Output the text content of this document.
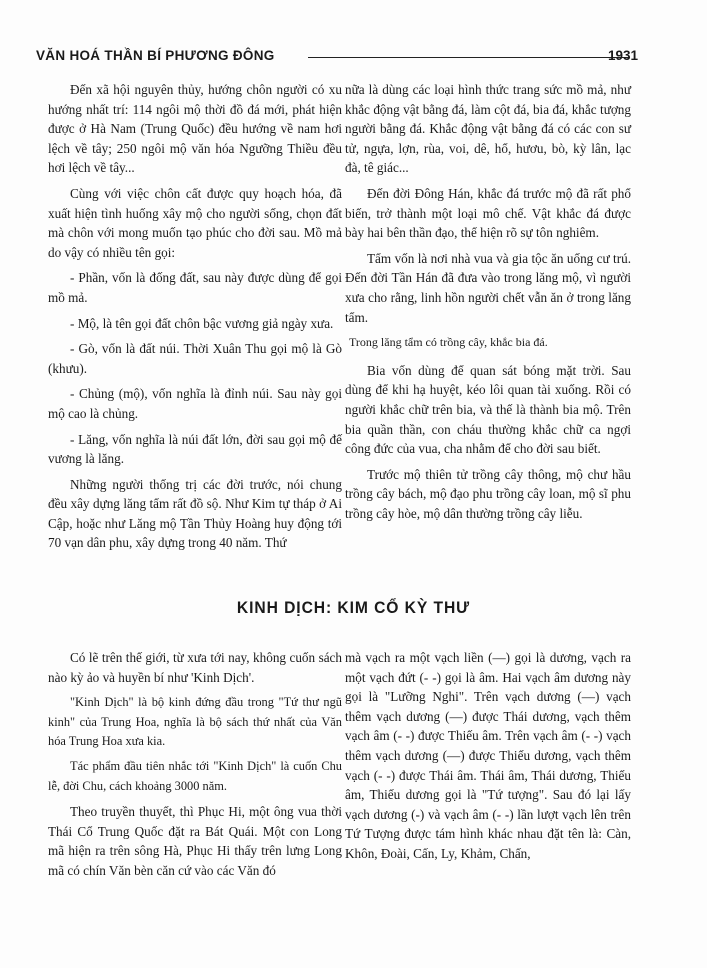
VĂN HOÁ THẦN BÍ PHƯƠNG ĐÔNG	1931

Đến xã hội nguyên thủy, hướng chôn người có xu hướng nhất trí: 114 ngôi mộ thời đồ đá mới, phát hiện được ở Hà Nam (Trung Quốc) đều hướng về nam hơi lệch về tây; 250 ngôi mộ văn hóa Ngưỡng Thiều đều hơi lệch về tây...

Cùng với việc chôn cất được quy hoạch hóa, đã xuất hiện tình huống xây mộ cho người sống, chọn đất mà chôn với mong muốn tạo phúc cho đời sau. Mồ mả do vậy có nhiều tên gọi:

- Phần, vốn là đống đất, sau này được dùng để gọi mồ mả.

- Mộ, là tên gọi đất chôn bậc vương giả ngày xưa.

- Gò, vốn là đất núi. Thời Xuân Thu gọi mộ là Gò (khưu).

- Chủng (mộ), vốn nghĩa là đỉnh núi. Sau này gọi mộ cao là chủng.

- Lăng, vốn nghĩa là núi đất lớn, đời sau gọi mộ đế vương là lăng.

Những người thống trị các đời trước, nói chung đều xây dựng lăng tẩm rất đồ sộ. Như Kim tự tháp ở Ai Cập, hoặc như Lăng mộ Tần Thủy Hoàng huy động tới 70 vạn dân phu, xây dựng trong 40 năm. Thứ

nữa là dùng các loại hình thức trang sức mồ mả, như khắc động vật bằng đá, làm cột đá, bia đá, khắc tượng người bằng đá. Khắc động vật bằng đá có các con sư tử, ngựa, lợn, rùa, voi, dê, hổ, hươu, bò, kỳ lân, lạc đà, tê giác...

Đến đời Đông Hán, khắc đá trước mộ đã rất phổ biến, trở thành một loại mô chế. Vật khắc đá được bày hai bên thần đạo, thể hiện rõ sự tôn nghiêm.

Tẩm vốn là nơi nhà vua và gia tộc ăn uống cư trú. Đến đời Tần Hán đã đưa vào trong lăng mộ, vì người xưa cho rằng, linh hồn người chết vẫn ăn ở trong lăng tẩm.

Trong lăng tẩm có trồng cây, khắc bia đá.

Bia vốn dùng để quan sát bóng mặt trời. Sau dùng để khi hạ huyệt, kéo lôi quan tài xuống. Rồi có người khắc chữ trên bia, và thế là thành bia mộ. Trên bia quần thần, con cháu thường khắc chữ ca ngợi công đức của vua, cha nhằm để cho đời sau biết.

Trước mộ thiên tử trồng cây thông, mộ chư hầu trồng cây bách, mộ đạo phu trồng cây loan, mộ sĩ phu trồng cây hòe, mộ dân thường trồng cây liễu.

KINH DỊCH: KIM CỔ KỲ THƯ

Có lẽ trên thế giới, từ xưa tới nay, không cuốn sách nào kỳ ảo và huyền bí như 'Kinh Dịch'.

"Kinh Dịch" là bộ kinh đứng đầu trong "Tứ thư ngũ kinh" của Trung Hoa, nghĩa là bộ sách thứ nhất của Văn hóa Trung Hoa xưa kia.

Tác phẩm đầu tiên nhắc tới "Kinh Dịch" là cuốn Chu lễ, đời Chu, cách khoảng 3000 năm.

Theo truyền thuyết, thì Phục Hi, một ông vua thời Thái Cổ Trung Quốc đặt ra Bát Quái. Một con Long mã hiện ra trên sông Hà, Phục Hi thấy trên lưng Long mã có chín Văn bèn căn cứ vào các Văn đó

mà vạch ra một vạch liền (—) gọi là dương, vạch ra một vạch đứt (- -) gọi là âm. Hai vạch âm dương này gọi là "Lưỡng Nghi". Trên vạch dương (—) vạch thêm vạch dương (—) được Thái dương, vạch thêm vạch âm (- -) được Thiếu âm. Trên vạch âm (- -) vạch thêm vạch dương (—) được Thiếu dương, vạch thêm vạch (- -) được Thái âm. Thái âm, Thái dương, Thiếu âm, Thiếu dương gọi là "Tứ tượng". Sau đó lại lấy vạch dương (-) và vạch âm (- -) lần lượt vạch lên trên Tứ Tượng được tám hình khác nhau đặt tên là: Càn, Khôn, Đoài, Cấn, Ly, Khảm, Chấn,
